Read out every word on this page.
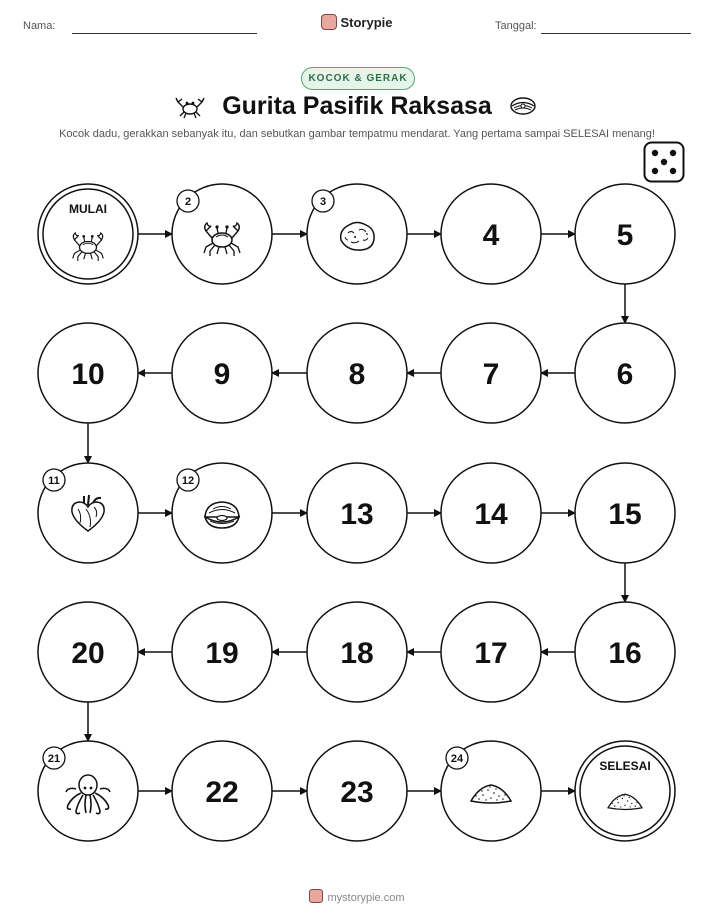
Nama:	Storypie	Tanggal:
KOCOK & GERAK
Gurita Pasifik Raksasa
Kocok dadu, gerakkan sebanyak itu, dan sebutkan gambar tempatmu mendarat. Yang pertama sampai SELESAI menang!
MULAI	2	3
4	5
6
7
8
9
10
11	12
13	14	15
16
17
18
19
20
21
22	23
24	SELESAI
mystorypie.com
